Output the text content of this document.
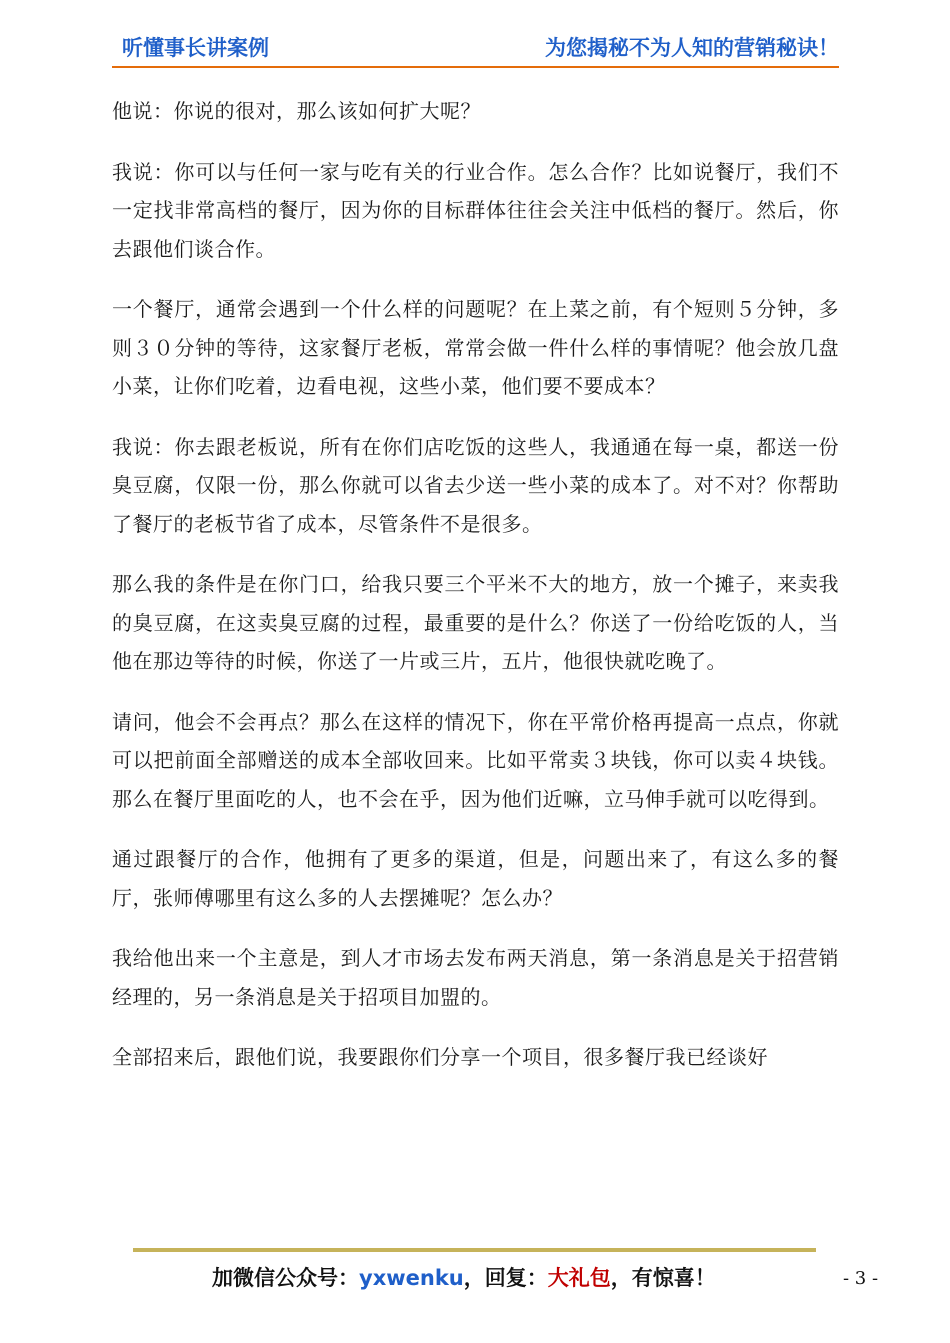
听懂事长讲案例	为您揭秘不为人知的营销秘诀！

他说：你说的很对，那么该如何扩大呢？

我说：你可以与任何一家与吃有关的行业合作。怎么合作？比如说餐厅，我们不一定找非常高档的餐厅，因为你的目标群体往往会关注中低档的餐厅。然后，你去跟他们谈合作。

一个餐厅，通常会遇到一个什么样的问题呢？在上菜之前，有个短则５分钟，多则３０分钟的等待，这家餐厅老板，常常会做一件什么样的事情呢？他会放几盘小菜，让你们吃着，边看电视，这些小菜，他们要不要成本？

我说：你去跟老板说，所有在你们店吃饭的这些人，我通通在每一桌，都送一份臭豆腐，仅限一份，那么你就可以省去少送一些小菜的成本了。对不对？你帮助了餐厅的老板节省了成本，尽管条件不是很多。

那么我的条件是在你门口，给我只要三个平米不大的地方，放一个摊子，来卖我的臭豆腐，在这卖臭豆腐的过程，最重要的是什么？你送了一份给吃饭的人，当他在那边等待的时候，你送了一片或三片，五片，他很快就吃晚了。

请问，他会不会再点？那么在这样的情况下，你在平常价格再提高一点点，你就可以把前面全部赠送的成本全部收回来。比如平常卖３块钱，你可以卖４块钱。那么在餐厅里面吃的人，也不会在乎，因为他们近嘛，立马伸手就可以吃得到。

通过跟餐厅的合作，他拥有了更多的渠道，但是，问题出来了，有这么多的餐厅，张师傅哪里有这么多的人去摆摊呢？怎么办？

我给他出来一个主意是，到人才市场去发布两天消息，第一条消息是关于招营销经理的，另一条消息是关于招项目加盟的。

全部招来后，跟他们说，我要跟你们分享一个项目，很多餐厅我已经谈好

加微信公众号：yxwenku，回复：大礼包，有惊喜！	- 3 -
